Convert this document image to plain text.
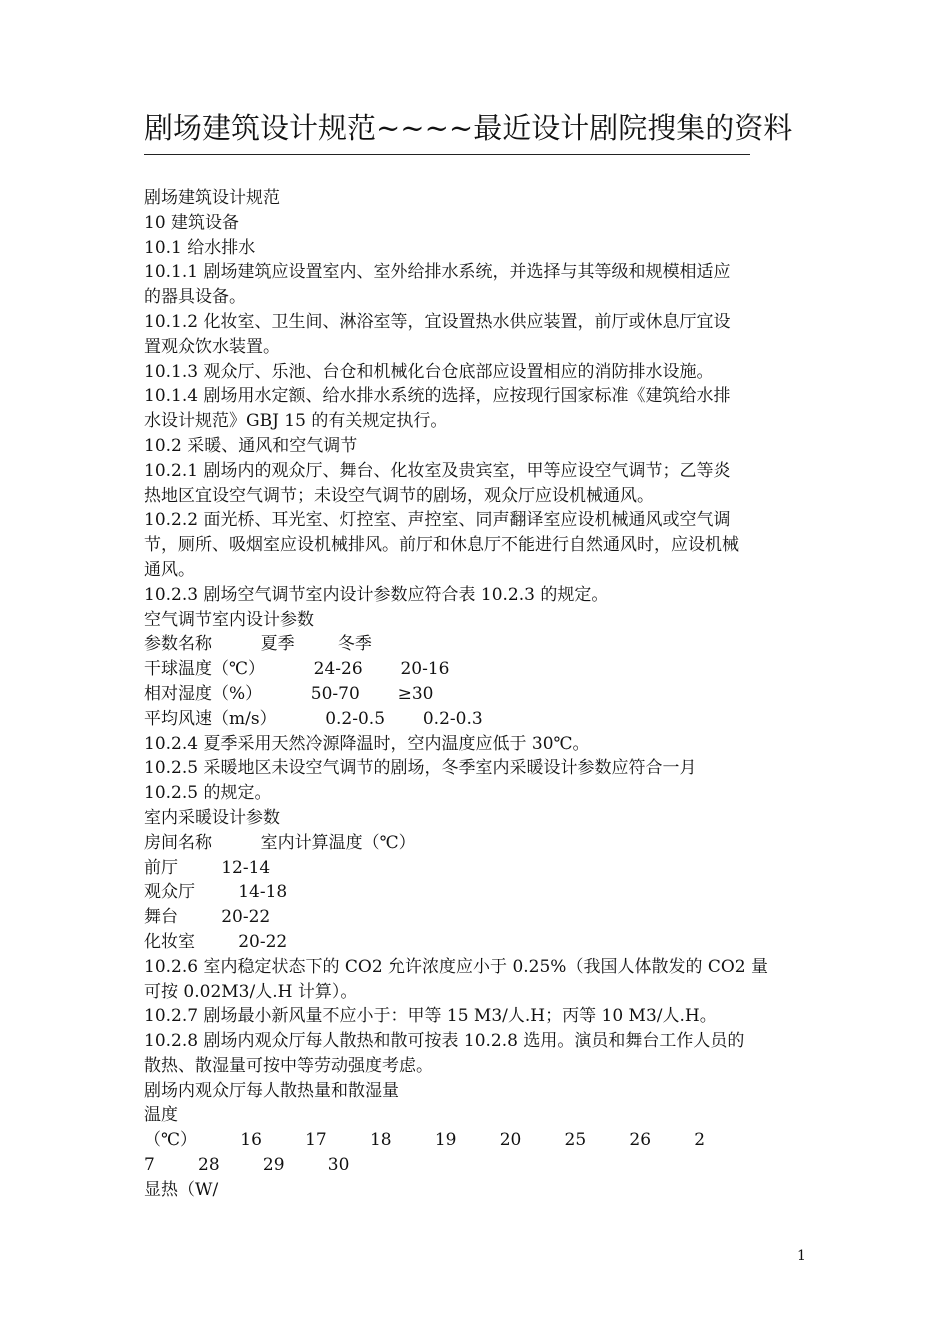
剧场建筑设计规范~~~~最近设计剧院搜集的资料
剧场建筑设计规范
10 建筑设备
10.1 给水排水
10.1.1 剧场建筑应设置室内、室外给排水系统，并选择与其等级和规模相适应
的器具设备。
10.1.2 化妆室、卫生间、淋浴室等，宜设置热水供应装置，前厅或休息厅宜设
置观众饮水装置。
10.1.3 观众厅、乐池、台仓和机械化台仓底部应设置相应的消防排水设施。
10.1.4 剧场用水定额、给水排水系统的选择，应按现行国家标准《建筑给水排
水设计规范》GBJ 15 的有关规定执行。
10.2 采暖、通风和空气调节
10.2.1 剧场内的观众厅、舞台、化妆室及贵宾室，甲等应设空气调节；乙等炎
热地区宜设空气调节；未设空气调节的剧场，观众厅应设机械通风。
10.2.2 面光桥、耳光室、灯控室、声控室、同声翻译室应设机械通风或空气调
节，厕所、吸烟室应设机械排风。前厅和休息厅不能进行自然通风时，应设机械
通风。
10.2.3 剧场空气调节室内设计参数应符合表 10.2.3 的规定。
空气调节室内设计参数
参数名称         夏季        冬季
干球温度（℃）         24-26       20-16
相对湿度（%）         50-70       ≥30
平均风速（m/s）         0.2-0.5       0.2-0.3
10.2.4 夏季采用天然冷源降温时，空内温度应低于 30℃。
10.2.5 采暖地区未设空气调节的剧场，冬季室内采暖设计参数应符合一月
10.2.5 的规定。
室内采暖设计参数
房间名称         室内计算温度（℃）
前厅        12-14
观众厅        14-18
舞台        20-22
化妆室        20-22
10.2.6 室内稳定状态下的 CO2 允许浓度应小于 0.25%（我国人体散发的 CO2 量
可按 0.02M3/人.H 计算）。
10.2.7 剧场最小新风量不应小于：甲等 15 M3/人.H；丙等 10 M3/人.H。
10.2.8 剧场内观众厅每人散热和散可按表 10.2.8 选用。演员和舞台工作人员的
散热、散湿量可按中等劳动强度考虑。
剧场内观众厅每人散热量和散湿量
温度
（℃）        16        17        18        19        20        25        26        2
7        28        29        30
显热（W/
1
